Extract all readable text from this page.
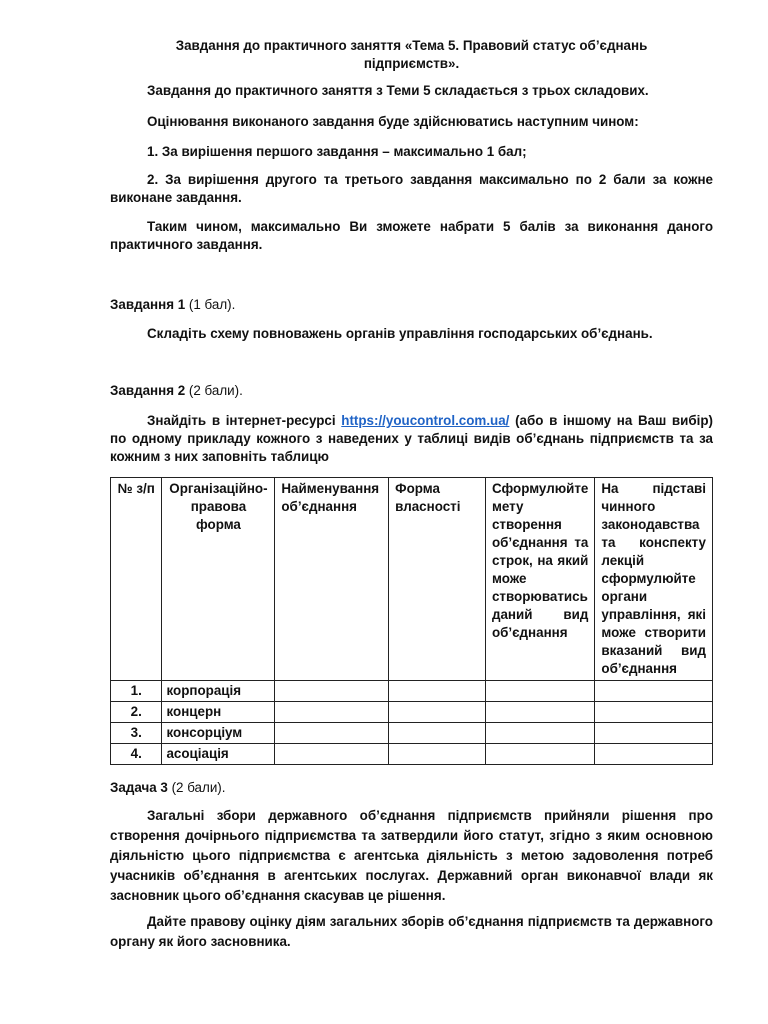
Завдання до практичного заняття «Тема 5. Правовий статус об’єднань
підприємств».
Завдання до практичного заняття з Теми 5 складається з трьох складових.
Оцінювання виконаного завдання буде здійснюватись наступним чином:
1. За вирішення першого завдання – максимально 1 бал;
2. За вирішення другого та третього завдання максимально по 2 бали за кожне виконане завдання.
Таким чином, максимально Ви зможете набрати 5 балів за виконання даного практичного завдання.
Завдання 1 (1 бал).
Складіть схему повноважень органів управління господарських об’єднань.
Завдання 2 (2 бали).
Знайдіть в інтернет-ресурсі https://youcontrol.com.ua/ (або в іншому на Ваш вибір) по одному прикладу кожного з наведених у таблиці видів об’єднань підприємств та за кожним з них заповніть таблицю
№ з/п	Організаційно-правова форма	Найменування об’єднання	Форма власності	Сформулюйте мету створення об’єднання та строк, на який може створюватись даний вид об’єднання	На підставі чинного законодавства та конспекту лекцій сформулюйте органи управління, які може створити вказаний вид об’єднання
1.	корпорація				
2.	концерн				
3.	консорціум				
4.	асоціація				
Задача 3 (2 бали).
Загальні збори державного об’єднання підприємств прийняли рішення про створення дочірнього підприємства та затвердили його статут, згідно з яким основною діяльністю цього підприємства є агентська діяльність з метою задоволення потреб учасників об’єднання в агентських послугах. Державний орган виконавчої влади як засновник цього об’єднання скасував це рішення.
Дайте правову оцінку діям загальних зборів об’єднання підприємств та державного органу як його засновника.
